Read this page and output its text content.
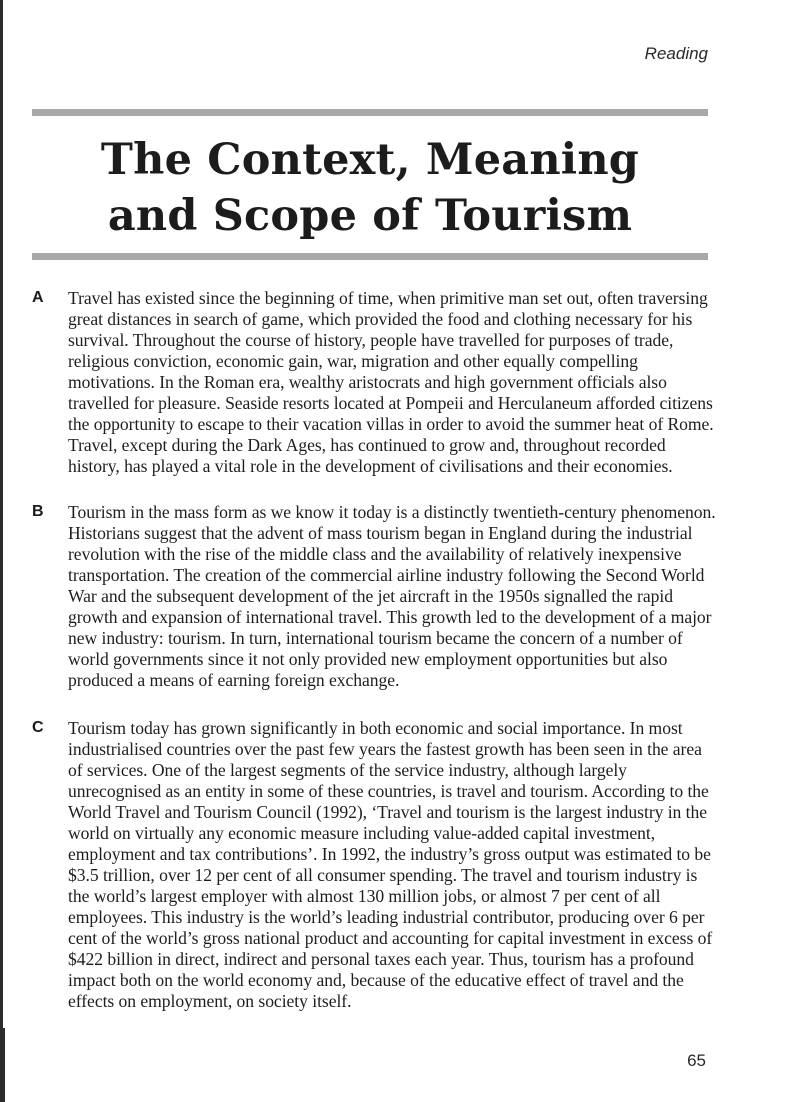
Reading
The Context, Meaning
and Scope of Tourism
A Travel has existed since the beginning of time, when primitive man set out, often traversing great distances in search of game, which provided the food and clothing necessary for his survival. Throughout the course of history, people have travelled for purposes of trade, religious conviction, economic gain, war, migration and other equally compelling motivations. In the Roman era, wealthy aristocrats and high government officials also travelled for pleasure. Seaside resorts located at Pompeii and Herculaneum afforded citizens the opportunity to escape to their vacation villas in order to avoid the summer heat of Rome. Travel, except during the Dark Ages, has continued to grow and, throughout recorded history, has played a vital role in the development of civilisations and their economies.

B Tourism in the mass form as we know it today is a distinctly twentieth-century phenomenon. Historians suggest that the advent of mass tourism began in England during the industrial revolution with the rise of the middle class and the availability of relatively inexpensive transportation. The creation of the commercial airline industry following the Second World War and the subsequent development of the jet aircraft in the 1950s signalled the rapid growth and expansion of international travel. This growth led to the development of a major new industry: tourism. In turn, international tourism became the concern of a number of world governments since it not only provided new employment opportunities but also produced a means of earning foreign exchange.

C Tourism today has grown significantly in both economic and social importance. In most industrialised countries over the past few years the fastest growth has been seen in the area of services. One of the largest segments of the service industry, although largely unrecognised as an entity in some of these countries, is travel and tourism. According to the World Travel and Tourism Council (1992), ‘Travel and tourism is the largest industry in the world on virtually any economic measure including value-added capital investment, employment and tax contributions’. In 1992, the industry’s gross output was estimated to be $3.5 trillion, over 12 per cent of all consumer spending. The travel and tourism industry is the world’s largest employer with almost 130 million jobs, or almost 7 per cent of all employees. This industry is the world’s leading industrial contributor, producing over 6 per cent of the world’s gross national product and accounting for capital investment in excess of $422 billion in direct, indirect and personal taxes each year. Thus, tourism has a profound impact both on the world economy and, because of the educative effect of travel and the effects on employment, on society itself.

65
